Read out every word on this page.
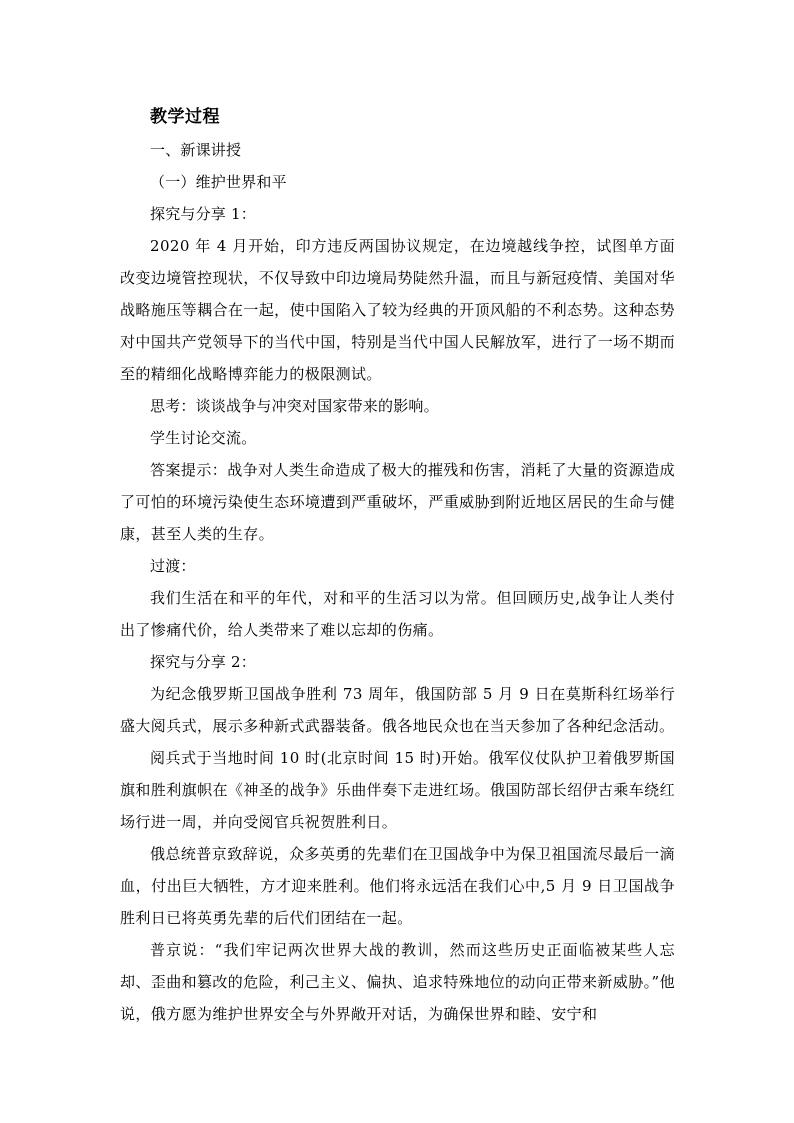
教学过程

一、新课讲授

（一）维护世界和平

探究与分享 1：

2020 年 4 月开始，印方违反两国协议规定，在边境越线争控，试图单方面改变边境管控现状，不仅导致中印边境局势陡然升温，而且与新冠疫情、美国对华战略施压等耦合在一起，使中国陷入了较为经典的开顶风船的不利态势。这种态势对中国共产党领导下的当代中国，特别是当代中国人民解放军，进行了一场不期而至的精细化战略博弈能力的极限测试。

思考：谈谈战争与冲突对国家带来的影响。

学生讨论交流。

答案提示：战争对人类生命造成了极大的摧残和伤害，消耗了大量的资源造成了可怕的环境污染使生态环境遭到严重破坏，严重威胁到附近地区居民的生命与健康，甚至人类的生存。

过渡：

我们生活在和平的年代，对和平的生活习以为常。但回顾历史,战争让人类付出了惨痛代价，给人类带来了难以忘却的伤痛。

探究与分享 2：

为纪念俄罗斯卫国战争胜利 73 周年，俄国防部 5 月 9 日在莫斯科红场举行盛大阅兵式，展示多种新式武器装备。俄各地民众也在当天参加了各种纪念活动。

阅兵式于当地时间 10 时(北京时间 15 时)开始。俄军仪仗队护卫着俄罗斯国旗和胜利旗帜在《神圣的战争》乐曲伴奏下走进红场。俄国防部长绍伊古乘车绕红场行进一周，并向受阅官兵祝贺胜利日。

俄总统普京致辞说，众多英勇的先辈们在卫国战争中为保卫祖国流尽最后一滴血，付出巨大牺牲，方才迎来胜利。他们将永远活在我们心中,5 月 9 日卫国战争胜利日已将英勇先辈的后代们团结在一起。

普京说：“我们牢记两次世界大战的教训，然而这些历史正面临被某些人忘却、歪曲和篡改的危险，利己主义、偏执、追求特殊地位的动向正带来新威胁。”他说，俄方愿为维护世界安全与外界敞开对话，为确保世界和睦、安宁和
